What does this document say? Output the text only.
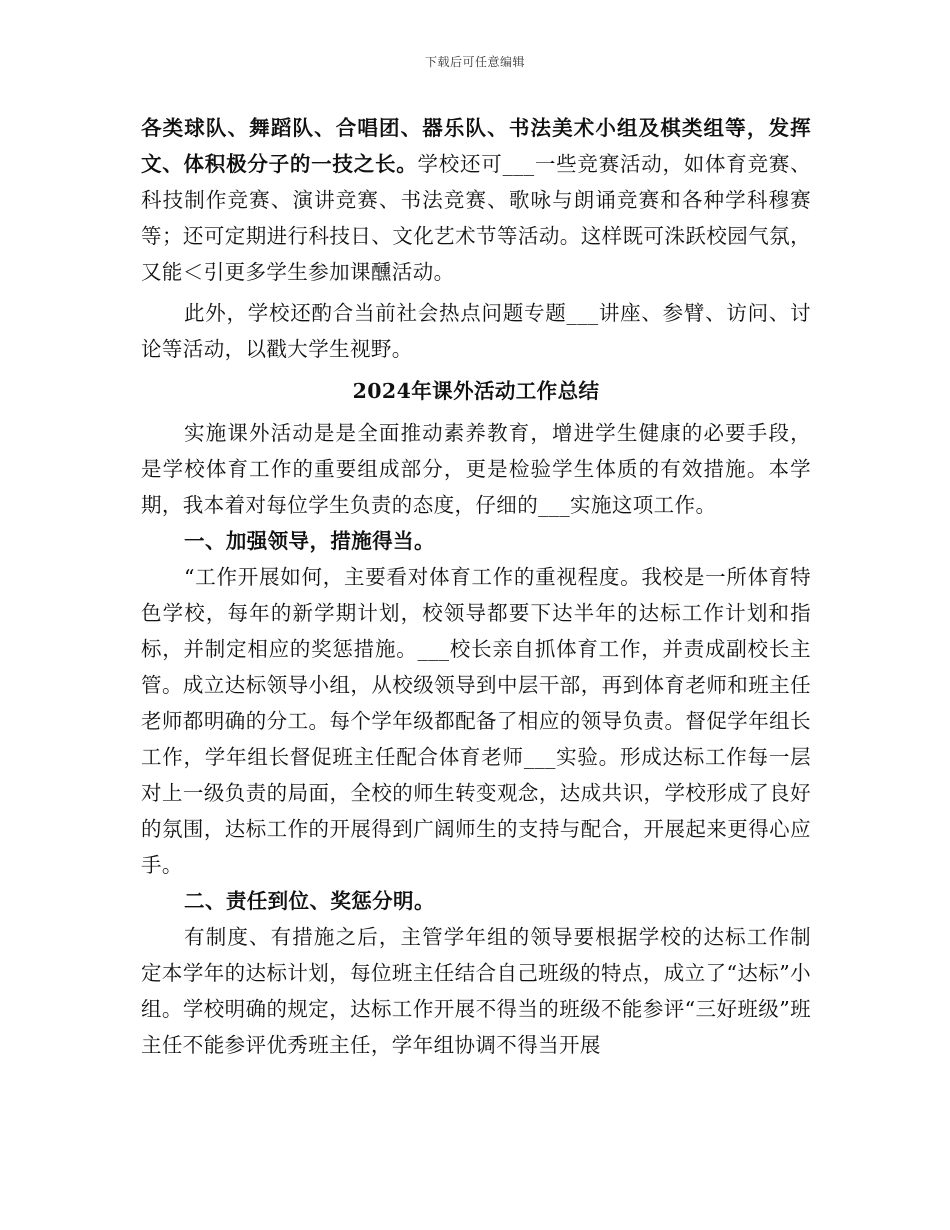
下载后可任意编辑

各类球队、舞蹈队、合唱团、器乐队、书法美术小组及棋类组等，发挥文、体积极分子的一技之长。学校还可___一些竞赛活动，如体育竞赛、科技制作竞赛、演讲竞赛、书法竞赛、歌咏与朗诵竞赛和各种学科穆赛等；还可定期进行科技日、文化艺术节等活动。这样既可洙跃校园气氛，又能＜引更多学生参加课醺活动。

此外，学校还酌合当前社会热点问题专题___讲座、参臂、访问、讨论等活动，以戳大学生视野。

2024年课外活动工作总结

实施课外活动是是全面推动素养教育，增进学生健康的必要手段，是学校体育工作的重要组成部分，更是检验学生体质的有效措施。本学期，我本着对每位学生负责的态度，仔细的___实施这项工作。

一、加强领导，措施得当。

“工作开展如何，主要看对体育工作的重视程度。我校是一所体育特色学校，每年的新学期计划，校领导都要下达半年的达标工作计划和指标，并制定相应的奖惩措施。___校长亲自抓体育工作，并责成副校长主管。成立达标领导小组，从校级领导到中层干部，再到体育老师和班主任老师都明确的分工。每个学年级都配备了相应的领导负责。督促学年组长工作，学年组长督促班主任配合体育老师___实验。形成达标工作每一层对上一级负责的局面，全校的师生转变观念，达成共识，学校形成了良好的氛围，达标工作的开展得到广阔师生的支持与配合，开展起来更得心应手。

二、责任到位、奖惩分明。

有制度、有措施之后，主管学年组的领导要根据学校的达标工作制定本学年的达标计划，每位班主任结合自己班级的特点，成立了“达标”小组。学校明确的规定，达标工作开展不得当的班级不能参评“三好班级”班主任不能参评优秀班主任，学年组协调不得当开展
